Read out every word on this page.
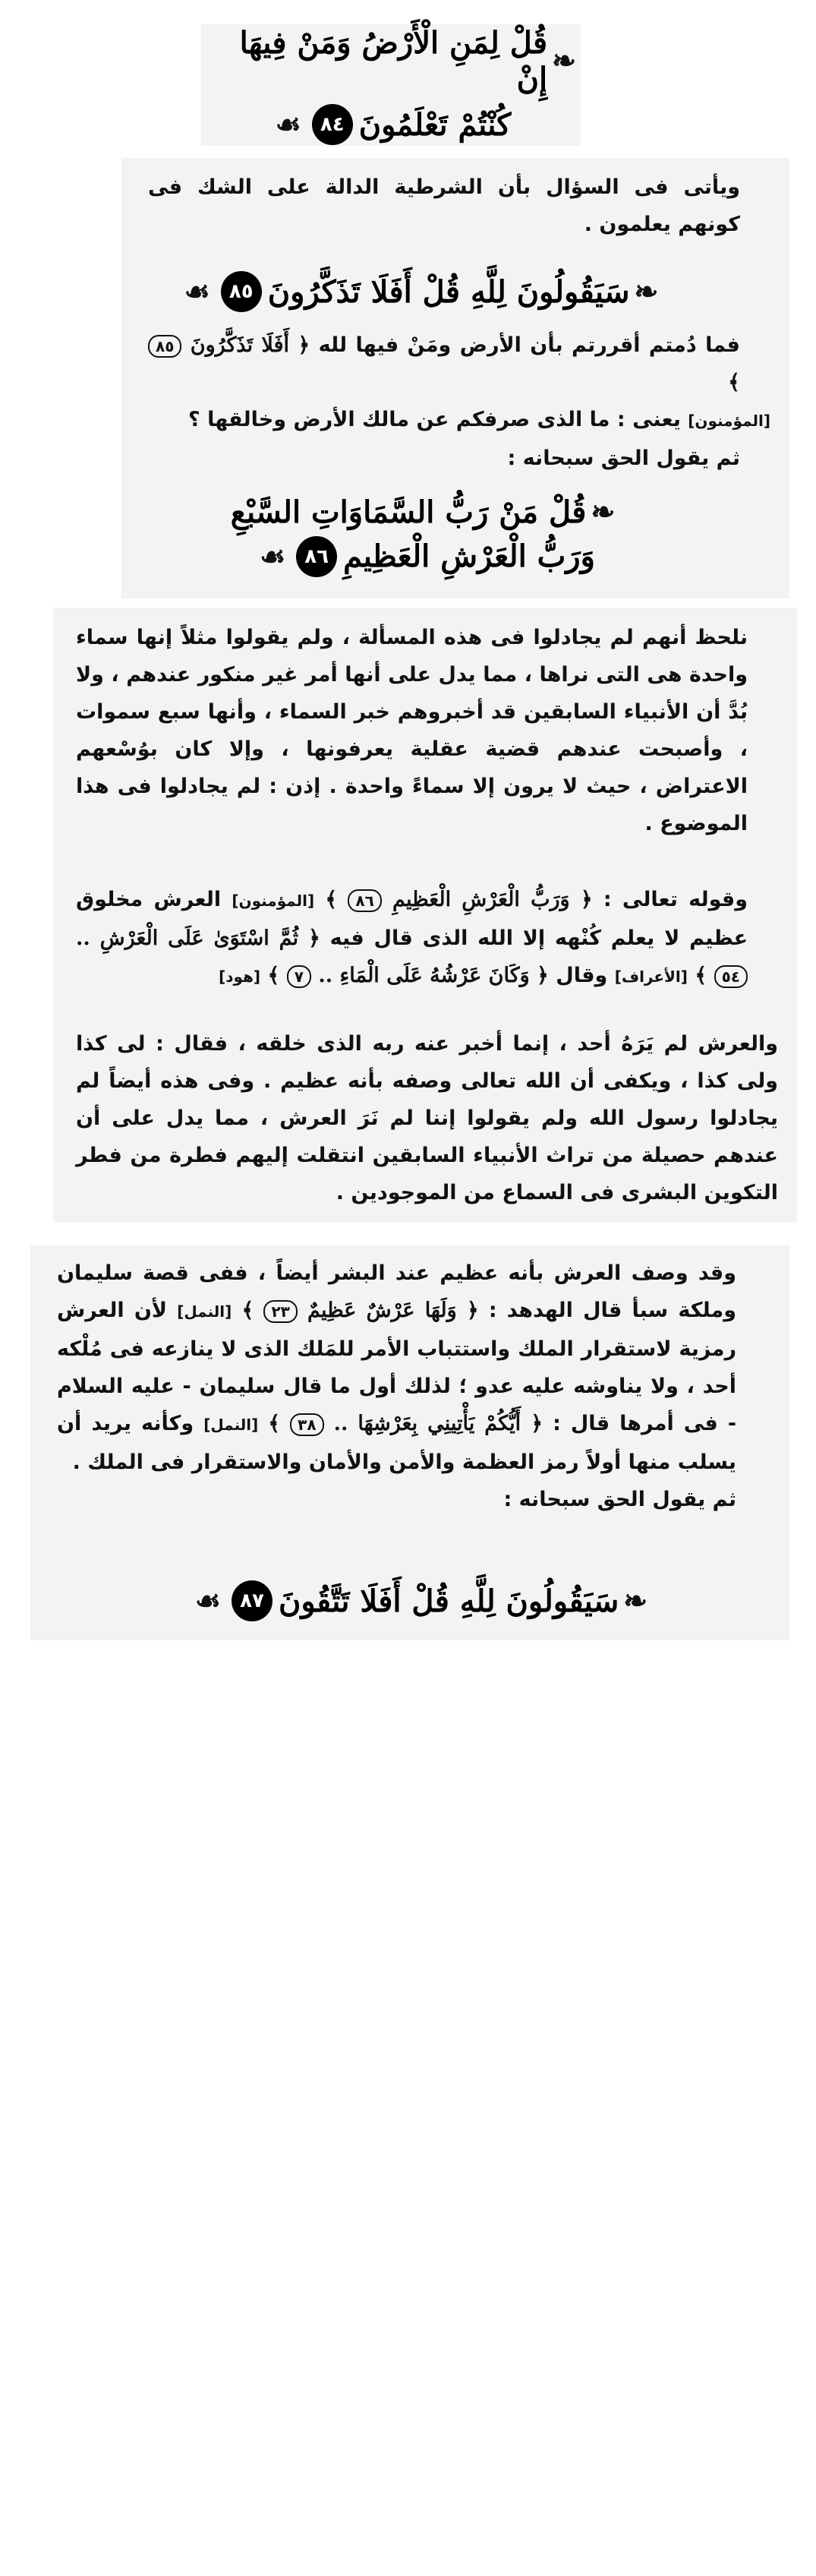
❧
قُلْ لِمَنِ الْأَرْضُ وَمَنْ فِيهَا إِنْ
كُنْتُمْ تَعْلَمُونَ
٨٤
☙

ويأتى فى السؤال بأن الشرطية الدالة على الشك فى كونهم يعلمون .

❧
سَيَقُولُونَ لِلَّهِ قُلْ أَفَلَا تَذَكَّرُونَ
٨٥
☙

فما دُمتم أقررتم بأن الأرض ومَنْ فيها لله ﴿ أَفَلَا تَذَكَّرُونَ ٨٥ ﴾

[المؤمنون] يعنى : ما الذى صرفكم عن مالك الأرض وخالقها ؟

ثم يقول الحق سبحانه :

❧
قُلْ مَنْ رَبُّ السَّمَاوَاتِ السَّبْعِ
وَرَبُّ الْعَرْشِ الْعَظِيمِ
٨٦
☙

نلحظ أنهم لم يجادلوا فى هذه المسألة ، ولم يقولوا مثلاً إنها سماء واحدة هى التى نراها ، مما يدل على أنها أمر غير منكور عندهم ، ولا بُدَّ أن الأنبياء السابقين قد أخبروهم خبر السماء ، وأنها سبع سموات ، وأصبحت عندهم قضية عقلية يعرفونها ، وإلا كان بوُسْعهم الاعتراض ، حيث لا يرون إلا سماءً واحدة . إذن : لم يجادلوا فى هذا الموضوع .

وقوله تعالى : ﴿ وَرَبُّ الْعَرْشِ الْعَظِيمِ ٨٦ ﴾ [المؤمنون] العرش مخلوق عظيم لا يعلم كُنْهه إلا الله الذى قال فيه ﴿ ثُمَّ اسْتَوَىٰ عَلَى الْعَرْشِ .. ٥٤ ﴾ [الأعراف] وقال ﴿ وَكَانَ عَرْشُهُ عَلَى الْمَاءِ .. ٧ ﴾ [هود]

والعرش لم يَرَهُ أحد ، إنما أخبر عنه ربه الذى خلقه ، فقال : لى كذا ولى كذا ، ويكفى أن الله تعالى وصفه بأنه عظيم . وفى هذه أيضاً لم يجادلوا رسول الله ولم يقولوا إننا لم نَرَ العرش ، مما يدل على أن عندهم حصيلة من تراث الأنبياء السابقين انتقلت إليهم فطرة من فطر التكوين البشرى فى السماع من الموجودين .

وقد وصف العرش بأنه عظيم عند البشر أيضاً ، ففى قصة سليمان وملكة سبأ قال الهدهد : ﴿ وَلَهَا عَرْشٌ عَظِيمٌ ٢٣ ﴾ [النمل] لأن العرش رمزية لاستقرار الملك واستتباب الأمر للمَلك الذى لا ينازعه فى مُلْكه أحد ، ولا يناوشه عليه عدو ؛ لذلك أول ما قال سليمان - عليه السلام - فى أمرها قال : ﴿ أَيُّكُمْ يَأْتِينِي بِعَرْشِهَا .. ٣٨ ﴾ [النمل] وكأنه يريد أن يسلب منها أولاً رمز العظمة والأمن والأمان والاستقرار فى الملك .

ثم يقول الحق سبحانه :

❧
سَيَقُولُونَ لِلَّهِ قُلْ أَفَلَا تَتَّقُونَ
٨٧
☙
